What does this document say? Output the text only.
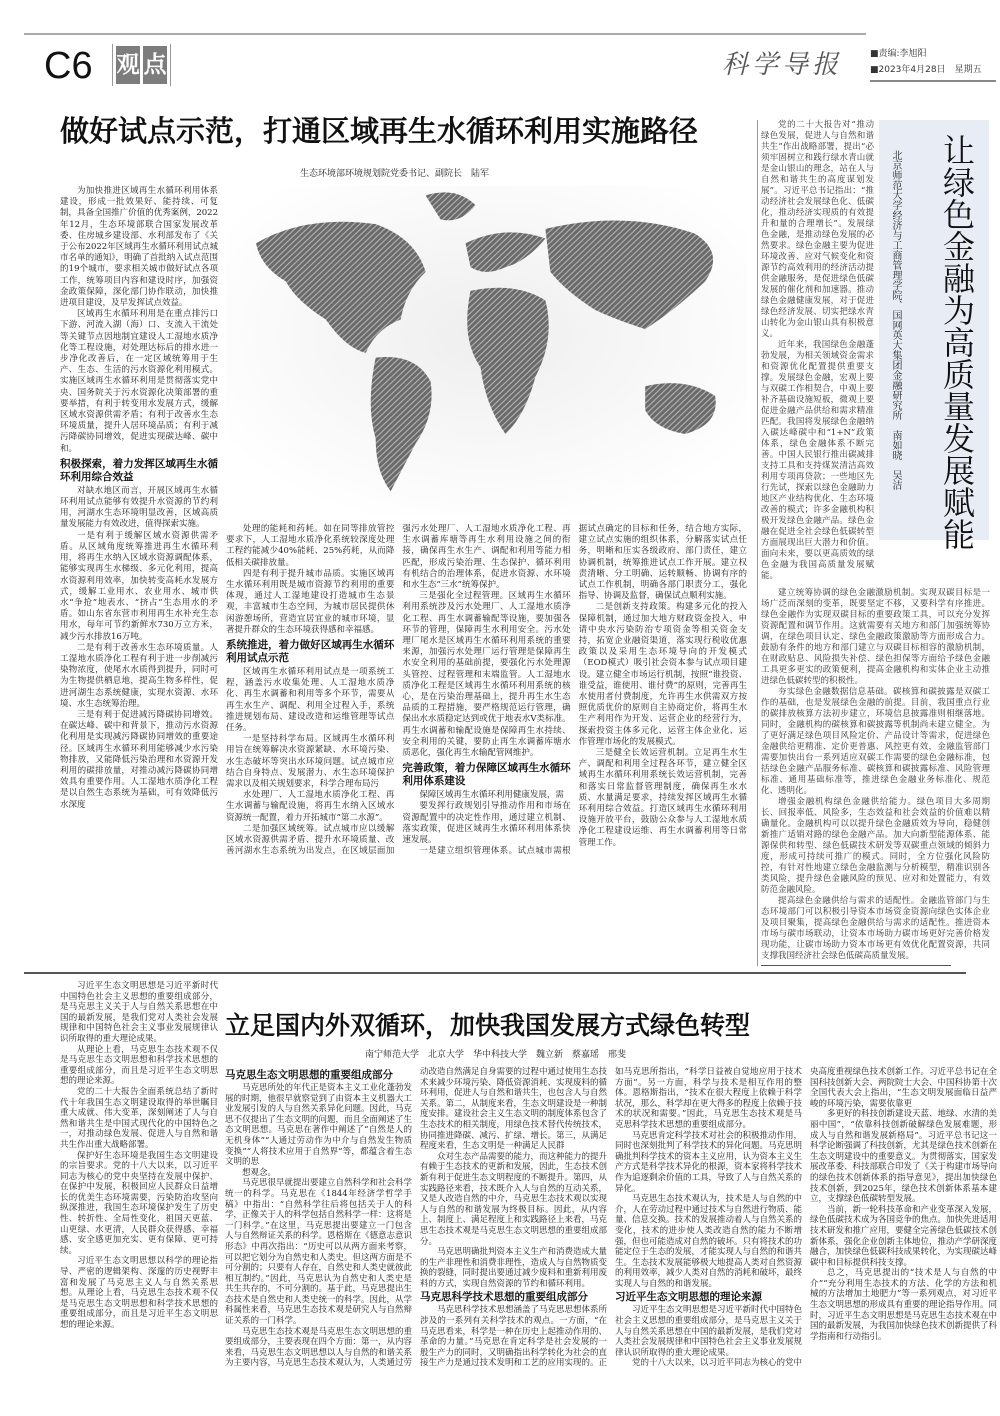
C6 观 点	科学导报	■责编:李旭阳
■2023年4月28日　星期五
做好试点示范，打通区域再生水循环利用实施路径
生态环境部环境规划院党委书记、副院长　陆军

为加快推进区域再生水循环利用体系建设，形成一批效果好、能持续、可复制，具备全国推广价值的优秀案例，2022年12月，生态环境部联合国家发展改革委、住房城乡建设部、水利部发布了《关于公布2022年区域再生水循环利用试点城市名单的通知》，明确了首批纳入试点范围的19个城市，要求相关城市做好试点各项工作，统筹项目内容和建设时序，加强资金政策保障，深化部门协作联动，加快推进项目建设，及早发挥试点效益。

区域再生水循环利用是在重点排污口下游、河流入湖（海）口、支流入干流处等关键节点因地制宜建设人工湿地水质净化等工程设施，对处理达标后的排水进一步净化改善后，在一定区域统筹用于生产、生态、生活的污水资源化利用模式。实施区域再生水循环利用是贯彻落实党中央、国务院关于污水资源化决策部署的重要举措，有利于转变用水发展方式，缓解区域水资源供需矛盾；有利于改善水生态环境质量，提升人居环境品质；有利于减污降碳协同增效，促进实现碳达峰、碳中和。

积极探索，着力发挥区域再生水循环利用综合效益

对缺水地区而言，开展区域再生水循环利用试点能够有效提升水资源的节约利用，河湖水生态环境明显改善，区域高质量发展能力有效改进，值得探索实施。

一是有利于缓解区域水资源供需矛盾。从区域角度统筹推进再生水循环利用，将再生水纳入区域水资源调配体系，能够实现再生水梯级、多元化利用，提高水资源利用效率，加快转变高耗水发展方式，缓解工业用水、农业用水、城市供水“争抢”地表水、“挤占”生态用水的矛盾。如山东省东营市利用再生水补充生态用水，每年可节约新鲜水730万立方米，减少污水排放16万吨。

二是有利于改善水生态环境质量。人工湿地水质净化工程有利于进一步削减污染物浓度，使尾水水质得到提升，同时可为生物提供栖息地，提高生物多样性，促进河湖生态系统健康，实现水资源、水环境、水生态统筹治理。

三是有利于促进减污降碳协同增效。在碳达峰、碳中和背景下，推动污水资源化利用是实现减污降碳协同增效的重要途径。区域再生水循环利用能够减少水污染物排放，又能降低污染治理和水资源开发利用的碳排放量，对推动减污降碳协同增效具有重要作用。人工湿地水质净化工程是以自然生态系统为基础，可有效降低污水深度

处理的能耗和药耗。如在同等排放管控要求下，人工湿地水质净化系统较深度处理工程约能减少40%能耗、25%药耗，从而降低相关碳排放量。

四是有利于提升城市品质。实施区域再生水循环利用既是城市资源节约利用的重要体现，通过人工湿地建设打造城市生态景观，丰富城市生态空间，为城市居民提供休闲游憩场所，营造宜居宜业的城市环境，显著提升群众的生态环境获得感和幸福感。

系统推进，着力做好区域再生水循环利用试点示范

区域再生水循环利用试点是一项系统工程，涵盖污水收集处理、人工湿地水质净化、再生水调蓄和利用等多个环节，需要从再生水生产、调配、利用全过程入手，系统推进规划布局、建设改造和运维管理等试点任务。

一是坚持科学布局。区域再生水循环利用旨在统筹解决水资源紧缺、水环境污染、水生态破坏等突出水环境问题。试点城市应结合自身特点、发展潜力、水生态环境保护需求以及相关规划要求，科学合理布局污

水处理厂、人工湿地水质净化工程、再生水调蓄与输配设施，将再生水纳入区域水资源统一配置，着力开拓城市“第二水源”。

二是加强区域统筹。试点城市应以缓解区域水资源供需矛盾、提升水环境质量、改善河湖水生态系统为出发点，在区域层面加强污水处理厂、人工湿地水质净化工程、再生水调蓄库塘等再生水利用设施之间的衔接，确保再生水生产、调配和利用等能力相匹配，形成污染治理、生态保护、循环利用有机结合的治理体系，促进水资源、水环境和水生态“三水”统筹保护。

三是强化全过程管理。区域再生水循环利用系统涉及污水处理厂、人工湿地水质净化工程、再生水调蓄输配等设施，要加强各环节的管理，保障再生水利用安全。污水处理厂尾水是区域再生水循环利用系统的重要来源，加强污水处理厂运行管理是保障再生水安全利用的基础前提，要强化污水处理源头管控、过程管理和末端监管。人工湿地水质净化工程是区域再生水循环利用系统的核心，是在污染治理基础上，提升再生水生态品质的工程措施，要严格规范运行管理，确保出水水质稳定达到或优于地表水V类标准。再生水调蓄和输配设施是保障再生水持续、安全利用的关键，要防止再生水调蓄库塘水质恶化，强化再生水输配管网维护。

完善政策，着力保障区域再生水循环利用体系建设

保障区域再生水循环利用健康发展，需

要发挥行政规划引导推动作用和市场在资源配置中的决定性作用，通过建立机制、落实政策，促进区域再生水循环利用体系快速发展。

一是建立组织管理体系。试点城市需根据试点确定的目标和任务，结合地方实际，建立试点实施的组织体系，分解落实试点任务，明晰和压实各级政府、部门责任，建立协调机制，统筹推进试点工作开展。建立权责清晰、分工明确、运转顺畅、协调有序的试点工作机制，明确各部门职责分工，强化指导、协调及监督，确保试点顺利实施。

二是创新支持政策。构建多元化的投入保障机制，通过加大地方财政资金投入，申请中央水污染防治专项资金等相关资金支持，拓宽企业融资渠道，落实现行税收优惠政策以及采用生态环境导向的开发模式（EOD模式）吸引社会资本参与试点项目建设。建立健全市场运行机制，按照“谁投资、谁受益，谁使用、谁付费”的原则，完善再生水使用者付费制度，允许再生水供需双方按照优质优价的原则自主协商定价，将再生水生产利用作为开发、运营企业的经营行为，探索投资主体多元化、运营主体企业化、运作管理市场化的发展模式。

三是健全长效运营机制。立足再生水生产、调配和利用全过程各环节，建立健全区域再生水循环利用系统长效运营机制，完善和落实日常监督管理制度，确保再生水水质、水量满足要求，持续发挥区域再生水循环利用综合效益。打造区域再生水循环利用设施开放平台，鼓励公众参与人工湿地水质净化工程建设运维、再生水调蓄利用等日常管理工作。

党的二十大报告对“推动绿色发展，促进人与自然和谐共生”作出战略部署，提出“必须牢固树立和践行绿水青山就是金山银山的理念，站在人与自然和谐共生的高度谋划发展”。习近平总书记指出：“推动经济社会发展绿色化、低碳化，推动经济实现质的有效提升和量的合理增长”。发展绿色金融，是推动绿色发展的必然要求。绿色金融主要为促进环境改善、应对气候变化和资源节约高效利用的经济活动提供金融服务，是促进绿色低碳发展的催化剂和加速器。推动绿色金融健康发展，对于促进绿色经济发展、切实把绿水青山转化为金山银山具有积极意义。

近年来，我国绿色金融蓬勃发展，为相关领域资金需求和资源优化配置提供重要支撑。发展绿色金融，宏观上要与双碳工作相契合，中观上要补齐基础设施短板，微观上要促进金融产品供给和需求精准匹配。我国将发展绿色金融纳入碳达峰碳中和“1+N”政策体系，绿色金融体系不断完善。中国人民银行推出碳减排支持工具和支持煤炭清洁高效利用专项再贷款；一些地区先行先试，探索以绿色金融助力地区产业结构优化、生态环境改善的模式；许多金融机构积极开发绿色金融产品。绿色金融在促进全社会绿色低碳转型方面展现出巨大潜力和价值。面向未来，要以更高质效的绿色金融为我国高质量发展赋能。

让绿色金融为高质量发展赋能
北京师范大学经济与工商管理学院、国网英大集团金融研究所　南如晓　吴洁

建立统筹协调的绿色金融激励机制。实现双碳目标是一场广泛而深刻的变革，既要坚定不移，又要科学有序推进。绿色金融作为实现双碳目标的重要政策工具，可以充分发挥资源配置和调节作用。这就需要有关地方和部门加强统筹协调，在绿色项目认定、绿色金融政策激励等方面形成合力。鼓励有条件的地方和部门建立与双碳目标相容的激励机制，在财政贴息、风险损失补偿、绿色担保等方面给予绿色金融工具更多更实的政策便利，提高金融机构和实体企业主动推进绿色低碳转型的积极性。

夯实绿色金融数据信息基础。碳核算和碳披露是双碳工作的基础，也是发展绿色金融的前提。目前，我国重点行业的碳排放核算方法初步建立，环境信息披露准则相继落地。同时，金融机构的碳核算和碳披露等机制尚未建立健全。为了更好满足绿色项目风险定价、产品设计等需求，促进绿色金融供给更精准、定价更普惠、风控更有效，金融监管部门需要加快出台一系列适应双碳工作需要的绿色金融标准，包括绿色金融产品服务标准、碳核算和碳披露标准、风险管理标准、通用基础标准等，推进绿色金融业务标准化、规范化、透明化。

增强金融机构绿色金融供给能力。绿色项目大多周期长、回报率低、风险多，生态效益和社会效益的价值难以精确量化。金融机构可以以提升绿色金融质效为导向，稳健创新推广适销对路的绿色金融产品。加大向新型能源体系、能源保供和转型、绿色低碳技术研发等双碳重点领域的倾斜力度，形成可持续可推广的模式。同时，全方位强化风险防控，有针对性地建立绿色金融监测与分析模型，精准识别各类风险，提升绿色金融风险的预见、应对和处置能力，有效防范金融风险。

提高绿色金融供给与需求的适配性。金融监管部门与生态环境部门可以积极引导资本市场资金资源向绿色实体企业及项目聚集，提高绿色金融供给与需求的适配性。推进资本市场与碳市场联动，让资本市场助力碳市场更好完善价格发现功能，让碳市场助力资本市场更有效优化配置资源，共同支撑我国经济社会绿色低碳高质量发展。

习近平生态文明思想是习近平新时代中国特色社会主义思想的重要组成部分，是马克思主义关于人与自然关系思想在中国的最新发展，是我们党对人类社会发展规律和中国特色社会主义事业发展规律认识所取得的重大理论成果。

从理论上看，马克思生态技术观不仅是马克思生态文明思想和科学技术思想的重要组成部分，而且是习近平生态文明思想的理论来源。

党的二十大报告全面系统总结了新时代十年我国生态文明建设取得的举世瞩目重大成就、伟大变革，深刻阐述了人与自然和谐共生是中国式现代化的中国特色之一，对推动绿色发展、促进人与自然和谐共生作出重大战略部署。

保护好生态环境是我国生态文明建设的宗旨要求。党的十八大以来，以习近平同志为核心的党中央坚持在发展中保护、在保护中发展，积极回应人民群众日益增长的优美生态环境需要，污染防治攻坚向纵深推进，我国生态环境保护发生了历史性、转折性、全局性变化，祖国天更蓝、山更绿、水更清，人民群众获得感、幸福感、安全感更加充实、更有保障、更可持续。

习近平生态文明思想以科学的理论指导、严密的逻辑架构、深邃的历史视野丰富和发展了马克思主义人与自然关系思想。从理论上看，马克思生态技术观不仅是马克思生态文明思想和科学技术思想的重要组成部分，而且是习近平生态文明思想的理论来源。

立足国内外双循环，加快我国发展方式绿色转型
南宁师范大学　北京大学　华中科技大学　魏立新　蔡嘉瑶　邢斐
马克思生态文明思想的重要组成部分

马克思所处的年代正是资本主义工业化蓬勃发展的时期，他很早就察觉到了由资本主义机器大工业发展引发的人与自然关系异化问题。因此，马克思不仅提出了生态文明的问题，而且全面阐述了生态文明思想。马克思在著作中阐述了“自然是人的无机身体”“人通过劳动作为中介与自然发生物质变换”“人将技术应用于自然界”等，都蕴含着生态文明的思

想观念。

马克思很早就提出要建立自然科学和社会科学统一的科学。马克思在《1844年经济学哲学手稿》中指出：“自然科学往后将包括关于人的科学，正像关于人的科学包括自然科学一样：这将是一门科学。”在这里，马克思提出要建立一门包含人与自然辩证关系的科学。恩格斯在《德意志意识形态》中再次指出：“历史可以从两方面来考察，可以把它划分为自然史和人类史。但这两方面是不可分割的；只要有人存在，自然史和人类史就彼此相互制约。”因此，马克思认为自然史和人类史是共生共存的，不可分割的。基于此，马克思提出生态技术是自然史和人类史统一的科学。因此，从学科属性来看，马克思生态技术观是研究人与自然辩证关系的一门科学。

马克思生态技术观是马克思生态文明思想的重要组成部分，主要表现在四个方面：第一，从内容来看，马克思生态文明思想以人与自然的和谐关系为主要内容，马克思生态技术观认为，人类通过劳动改造自然满足自身需要的过程中通过使用生态技术来减少环境污染、降低资源消耗、实现废料的循环利用，促进人与自然和谐共生，也包含人与自然关系。第二，从制度来看，生态文明建设是一种制度安排。建设社会主义生态文明的制度体系包含了生态技术的相关制度，用绿色技术替代传统技术，协同推进降碳、减污、扩绿、增长。第三，从满足程度来看，生态文明是一种满足人民群

众对生态产品需要的能力，而这种能力的提升有赖于生态技术的更新和发展，因此，生态技术创新有利于促进生态文明程度的不断提升。第四，从实践路径来看，技术既介入人与自然的互动关系，又是人改造自然的中介，马克思生态技术观以实现人与自然的和谐发展为终极目标。因此，从内容上、制度上、满足程度上和实践路径上来看，马克思生态技术观是马克思生态文明思想的重要组成部分。

马克思明确批判资本主义生产和消费造成大量的生产非理性和消费非理性，造成人与自然物质变换的裂缝，同时提出要通过减少废料和重新利用废料的方式，实现自然资源的节约和循环利用。

马克思科学技术思想的重要组成部分

马克思科学技术思想涵盖了马克思思想体系所涉及的一系列有关科学技术的观点。一方面，“在马克思看来，科学是一种在历史上起推动作用的、革命的力量。”马克思在肯定科学是社会发展的一般生产力的同时，又明确指出科学转化为社会的直接生产力是通过技术发明和工艺的应用实现的。正如马克思所指出，“科学日益被自觉地应用于技术方面”。另一方面，科学与技术是相互作用的整体。恩格斯指出，“技术在很大程度上依赖于科学状况，那么，科学却在更大得多的程度上依赖于技术的状况和需要。”因此，马克思生态技术观是马克思科学技术思想的重要组成部分。

马克思肯定科学技术对社会的积极推动作用，同时也深刻批判了科学技术的异化问题。马克思明确批判科学技术的资本主义应用，认为资本主义生产方式是科学技术异化的根源，资本家将科学技术作为追逐剩余价值的工具，导致了人与自然关系的异化。

马克思生态技术观认为，技术是人与自然的中介，人在劳动过程中通过技术与自然进行物质、能量、信息交换。技术的发展推动着人与自然关系的变化，技术的进步使人类改造自然的能力不断增强，但也可能造成对自然的破坏。只有将技术的功能定位于生态的发展，才能实现人与自然的和谐共生。生态技术发展能够极大地提高人类对自然资源的利用效率，减少人类对自然的消耗和破坏，最终实现人与自然的和谐发展。

习近平生态文明思想的理论来源

习近平生态文明思想是习近平新时代中国特色社会主义思想的重要组成部分，是马克思主义关于人与自然关系思想在中国的最新发展，是我们党对人类社会发展规律和中国特色社会主义事业发展规律认识所取得的重大理论成果。

党的十八大以来，以习近平同志为核心的党中央高度重视绿色技术创新工作。习近平总书记在全国科技创新大会、两院院士大会、中国科协第十次全国代表大会上指出，“生态文明发展面临日益严峻的环境污染，需要依靠更

多更好的科技创新建设天蓝、地绿、水清的美丽中国”，“依靠科技创新破解绿色发展难题，形成人与自然和谐发展新格局”。习近平总书记这一科学论断强调了科技创新，尤其是绿色技术创新在生态文明建设中的重要意义。为贯彻落实，国家发展改革委、科技部联合印发了《关于构建市场导向的绿色技术创新体系的指导意见》，提出加快绿色技术创新，到2025年，绿色技术创新体系基本建立，支撑绿色低碳转型发展。

当前，新一轮科技革命和产业变革深入发展，绿色低碳技术成为各国竞争的焦点。加快先进适用技术研发和推广应用，要健全完善绿色低碳技术创新体系，强化企业创新主体地位，推动产学研深度融合，加快绿色低碳科技成果转化，为实现碳达峰碳中和目标提供科技支撑。

总之，马克思提出的“技术是人与自然的中介”“充分利用生态技术的方法、化学的方法和机械的方法增加土地肥力”等一系列观点，对习近平生态文明思想的形成具有重要的理论指导作用。同时，习近平生态文明思想是马克思生态技术观在中国的最新发展，为我国加快绿色技术创新提供了科学指南和行动指引。
